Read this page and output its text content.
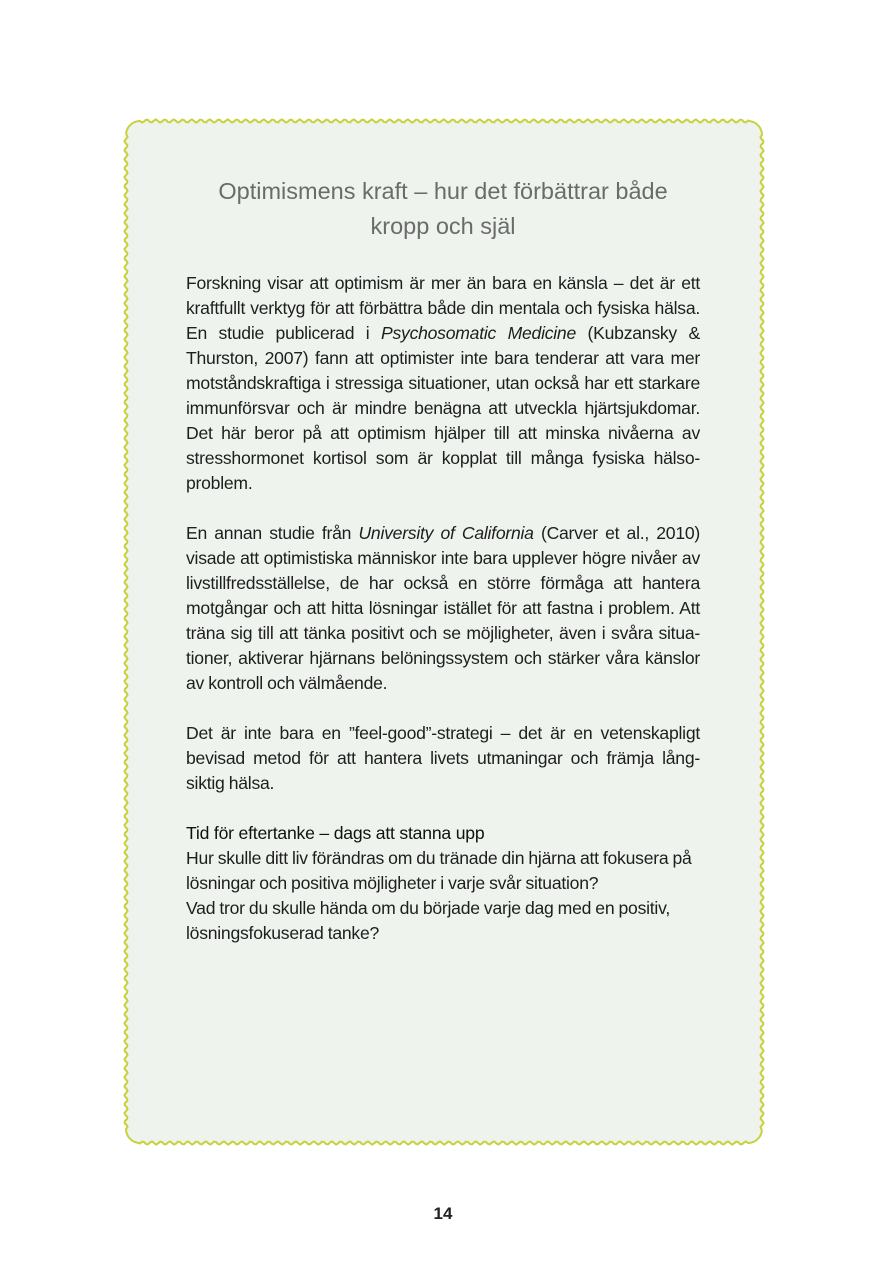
Optimismens kraft – hur det förbättrar både
kropp och själ

Forskning visar att optimism är mer än bara en känsla – det är ett kraftfullt verktyg för att förbättra både din mentala och fysiska hälsa. En studie publicerad i Psychosomatic Medicine (Kubzansky & Thurston, 2007) fann att optimister inte bara tenderar att vara mer motståndskraftiga i stressiga situationer, utan också har ett starkare immunförsvar och är mindre benägna att utveckla hjärtsjukdomar. Det här beror på att optimism hjälper till att minska nivåerna av stresshormonet kortisol som är kopplat till många fysiska hälso-problem.

En annan studie från University of California (Carver et al., 2010) visade att optimistiska människor inte bara upplever högre nivåer av livstillfredsställelse, de har också en större förmåga att hantera motgångar och att hitta lösningar istället för att fastna i problem. Att träna sig till att tänka positivt och se möjligheter, även i svåra situa-tioner, aktiverar hjärnans belöningssystem och stärker våra känslor av kontroll och välmående.

Det är inte bara en ”feel-good”-strategi – det är en vetenskapligt bevisad metod för att hantera livets utmaningar och främja lång-siktig hälsa.

Tid för eftertanke – dags att stanna upp

Hur skulle ditt liv förändras om du tränade din hjärna att fokusera på lösningar och positiva möjligheter i varje svår situation?

Vad tror du skulle hända om du började varje dag med en positiv, lösningsfokuserad tanke?

14
